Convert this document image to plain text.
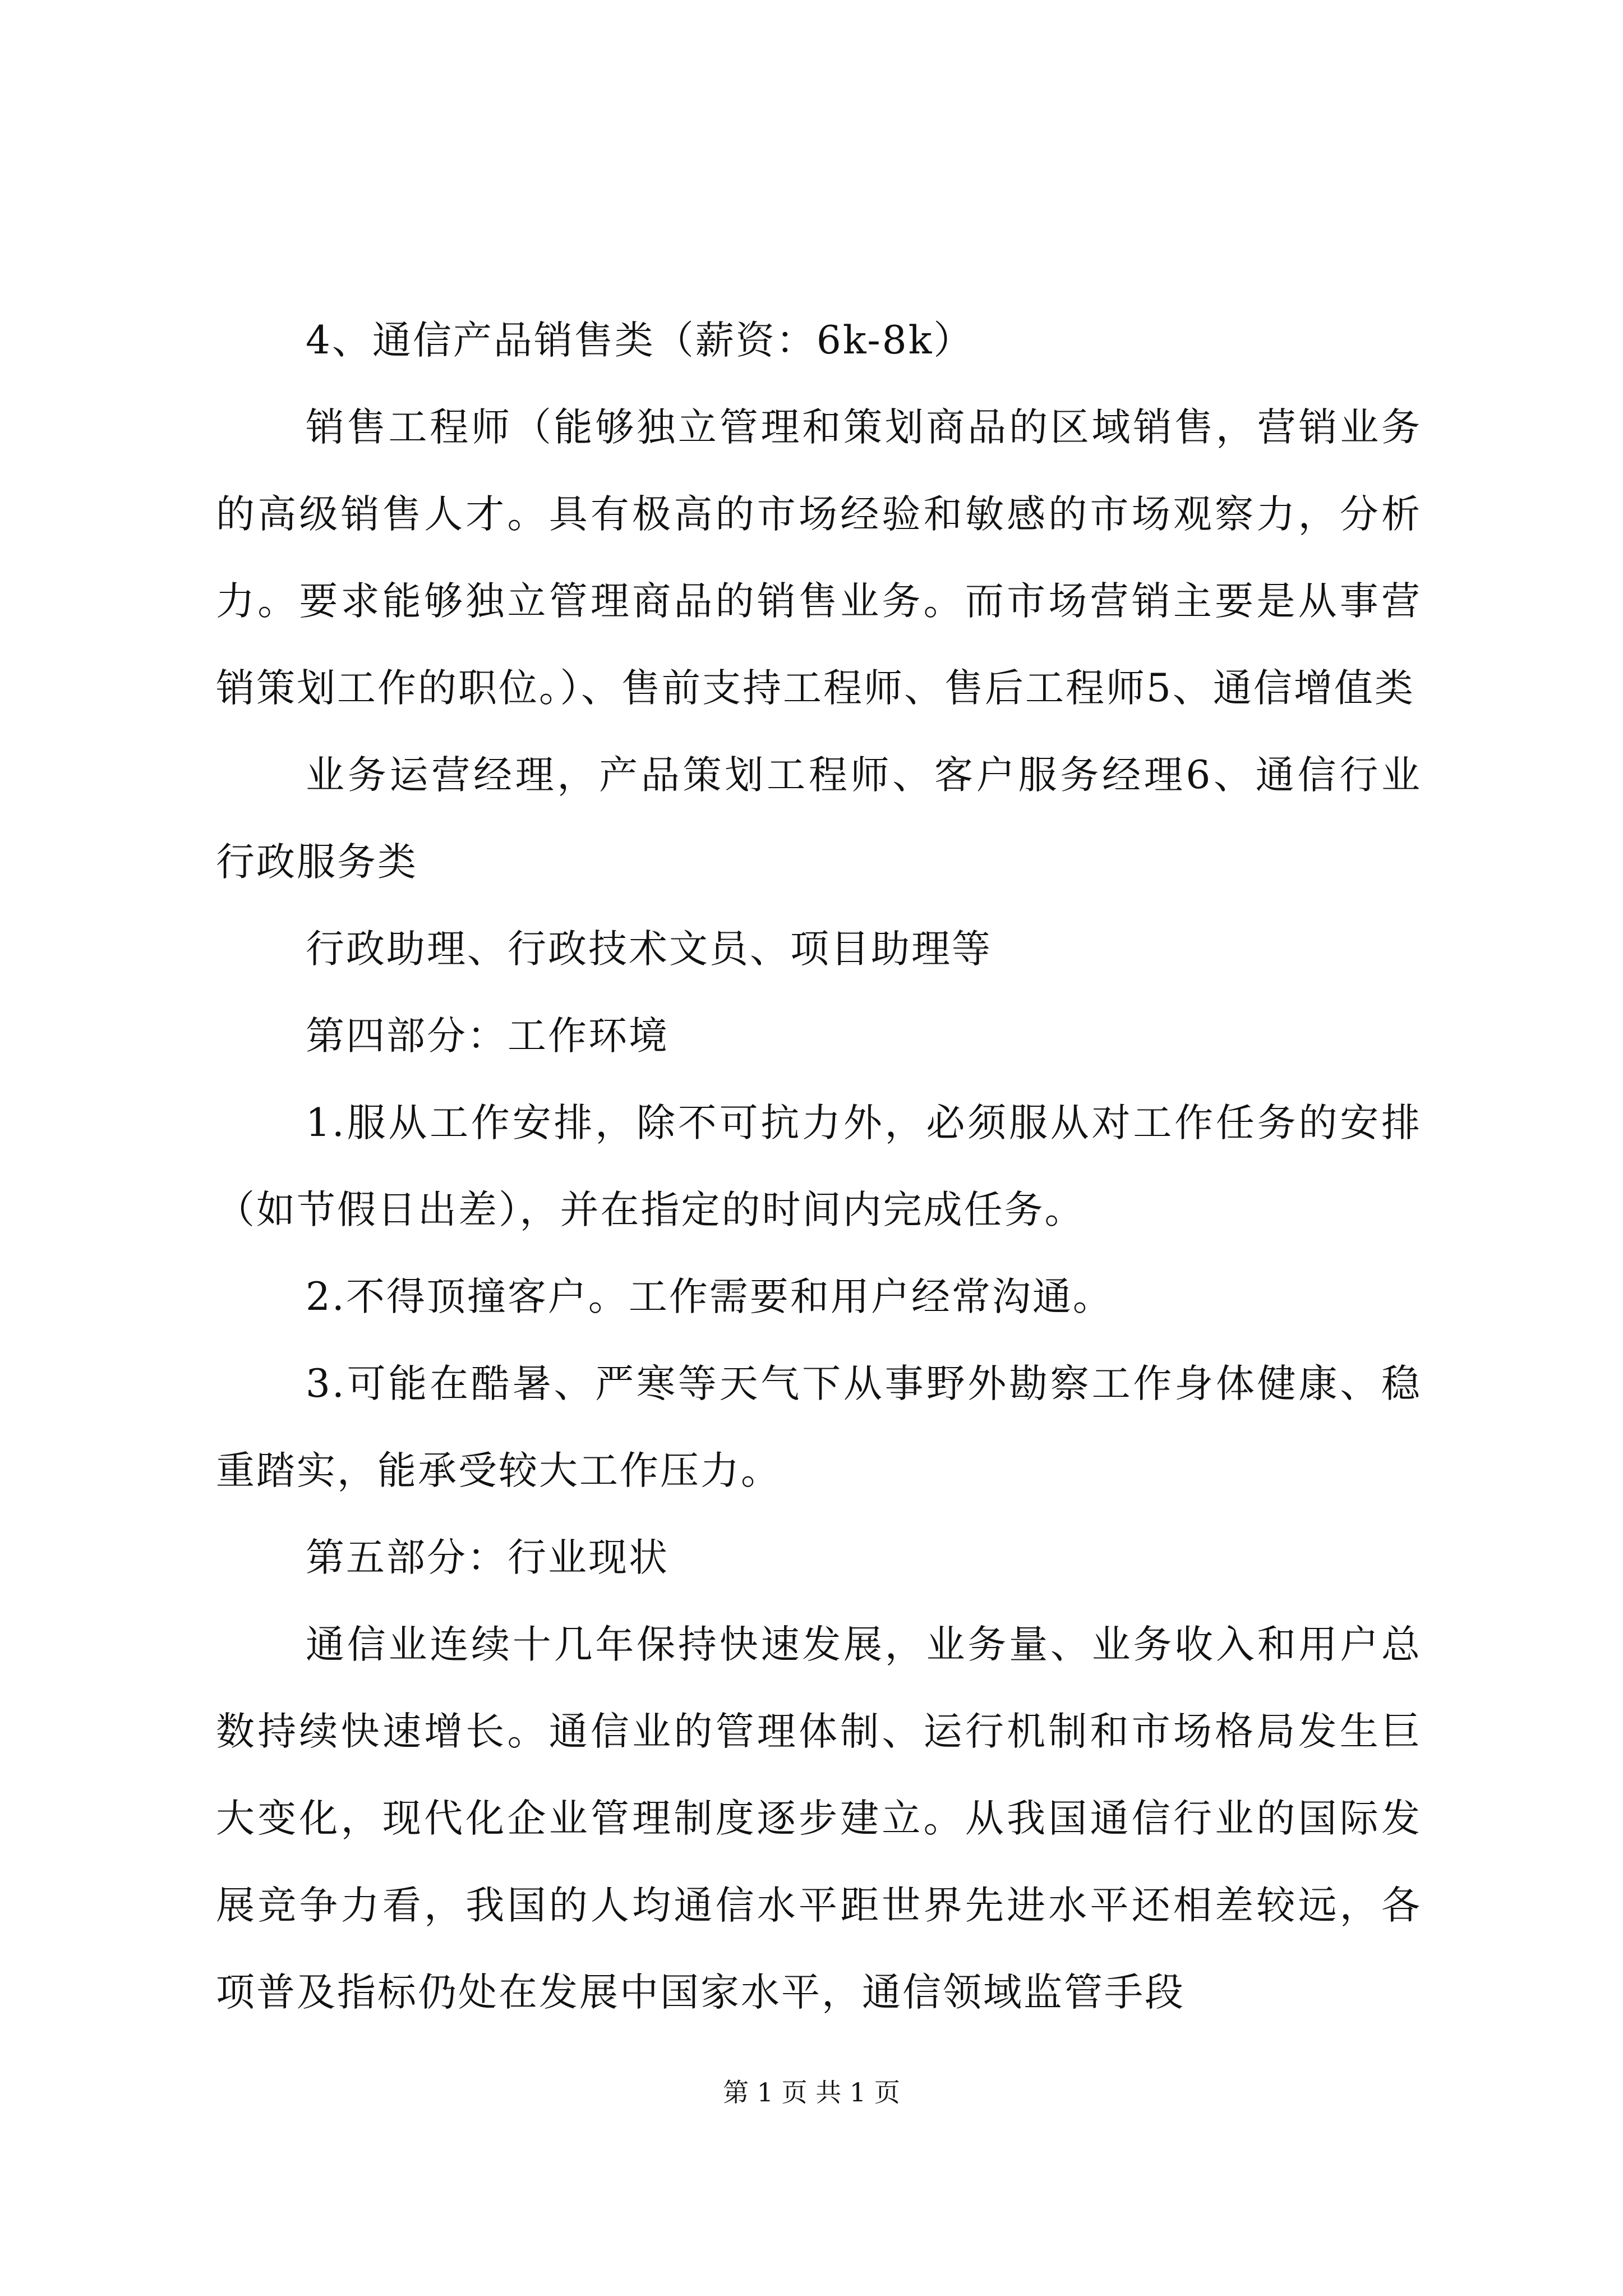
4、通信产品销售类（薪资：6k-8k）

销售工程师（能够独立管理和策划商品的区域销售，营销业务的高级销售人才。具有极高的市场经验和敏感的市场观察力，分析力。要求能够独立管理商品的销售业务。而市场营销主要是从事营销策划工作的职位。）、售前支持工程师、售后工程师5、通信增值类

业务运营经理，产品策划工程师、客户服务经理6、通信行业行政服务类

行政助理、行政技术文员、项目助理等

第四部分：工作环境

1.服从工作安排，除不可抗力外，必须服从对工作任务的安排（如节假日出差），并在指定的时间内完成任务。

2.不得顶撞客户。工作需要和用户经常沟通。

3.可能在酷暑、严寒等天气下从事野外勘察工作身体健康、稳重踏实，能承受较大工作压力。

第五部分：行业现状

通信业连续十几年保持快速发展，业务量、业务收入和用户总数持续快速增长。通信业的管理体制、运行机制和市场格局发生巨大变化，现代化企业管理制度逐步建立。从我国通信行业的国际发展竞争力看，我国的人均通信水平距世界先进水平还相差较远，各项普及指标仍处在发展中国家水平，通信领域监管手段

第 1 页 共 1 页
